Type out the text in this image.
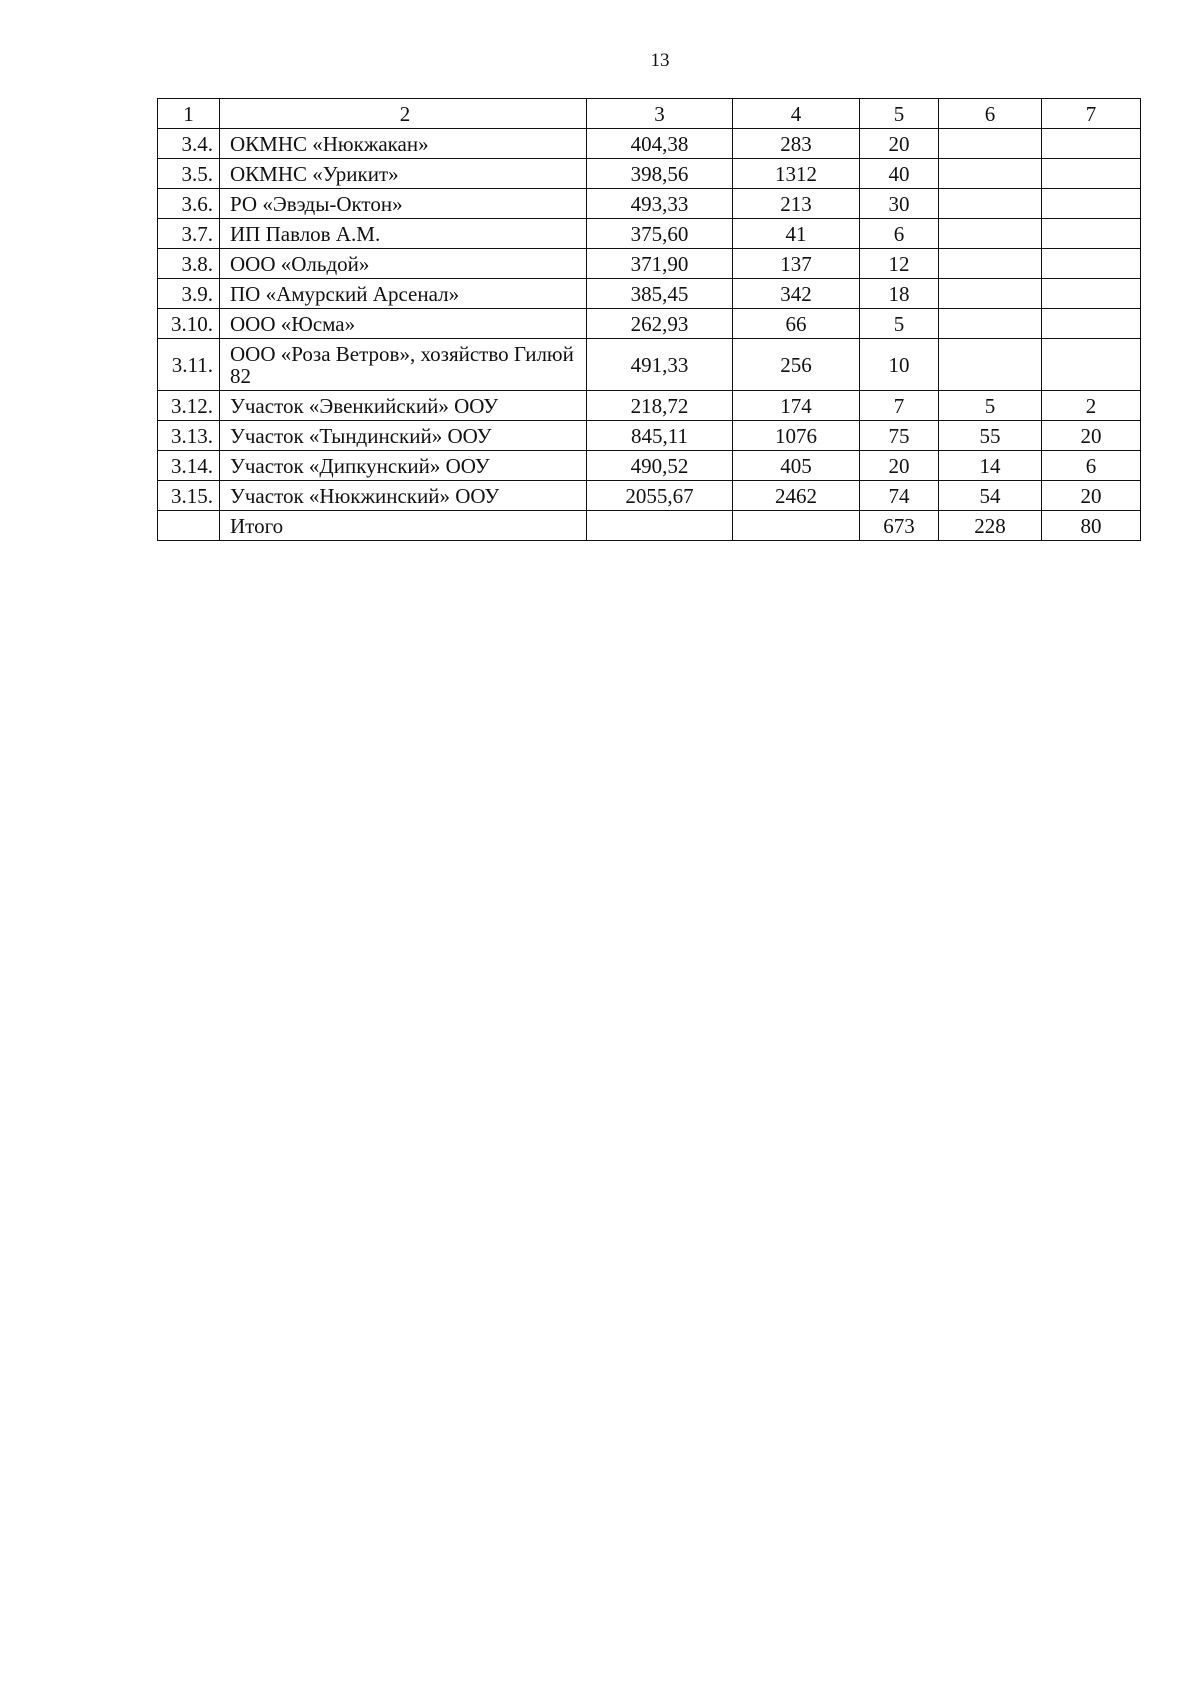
13
1	2	3	4	5	6	7
3.4.	ОКМНС «Нюкжакан»	404,38	283	20		
3.5.	ОКМНС «Урикит»	398,56	1312	40		
3.6.	РО «Эвэды-Октон»	493,33	213	30		
3.7.	ИП Павлов А.М.	375,60	41	6		
3.8.	ООО «Ольдой»	371,90	137	12		
3.9.	ПО «Амурский Арсенал»	385,45	342	18		
3.10.	ООО «Юсма»	262,93	66	5		
3.11.	ООО «Роза Ветров», хозяйство Гилюй 82	491,33	256	10		
3.12.	Участок «Эвенкийский» ООУ	218,72	174	7	5	2
3.13.	Участок «Тындинский» ООУ	845,11	1076	75	55	20
3.14.	Участок «Дипкунский» ООУ	490,52	405	20	14	6
3.15.	Участок «Нюкжинский» ООУ	2055,67	2462	74	54	20
	Итого			673	228	80
